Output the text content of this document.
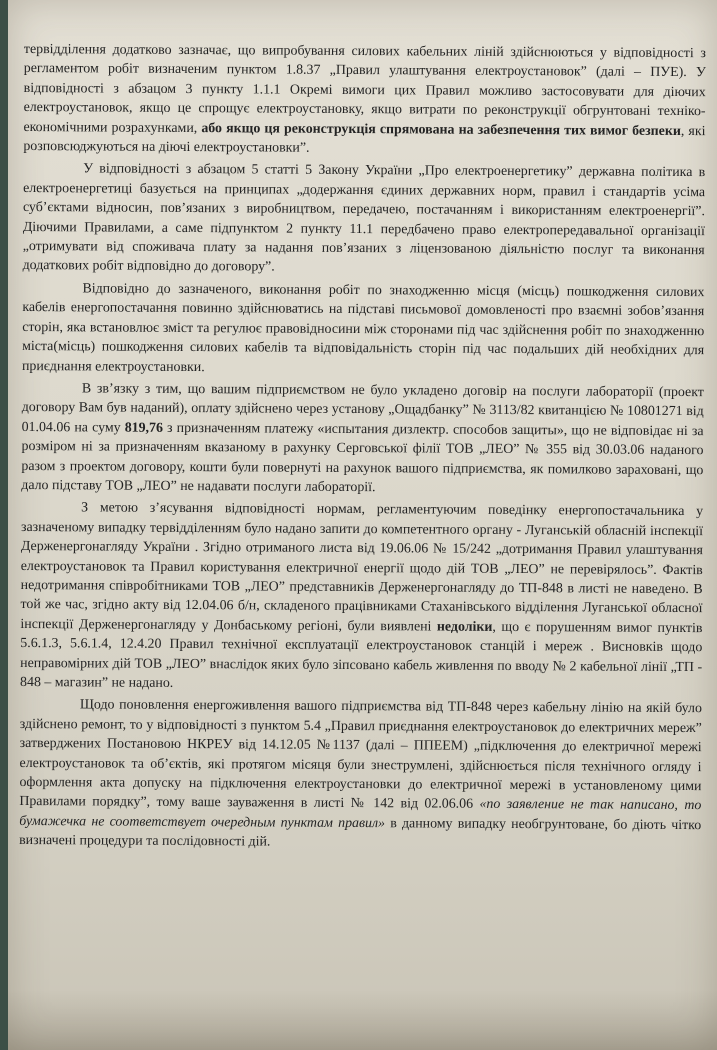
тервідділення додатково зазначає, що випробування силових кабельних ліній здійснюються у відповідності з регламентом робіт визначеним пунктом 1.8.37 „Правил улаштування електроустановок” (далі – ПУЕ). У відповідності з абзацом 3 пункту 1.1.1 Окремі вимоги цих Правил можливо застосовувати для діючих електроустановок, якщо це спрощує електроустановку, якщо витрати по реконструкції обгрунтовані техніко-економічними розрахунками, або якщо ця реконструкція спрямована на забезпечення тих вимог безпеки, які розповсюджуються на діючі електроустановки”.

У відповідності з абзацом 5 статті 5 Закону України „Про електроенергетику” державна політика в електроенергетиці базується на принципах „додержання єдиних державних норм, правил і стандартів усіма суб’єктами відносин, пов’язаних з виробництвом, передачею, постачанням і використанням електроенергії”. Діючими Правилами, а саме підпунктом 2 пункту 11.1 передбачено право електропередавальної організації „отримувати від споживача плату за надання пов’язаних з ліцензованою діяльністю послуг та виконання додаткових робіт відповідно до договору”.

Відповідно до зазначеного, виконання робіт по знаходженню місця (місць) пошкодження силових кабелів енергопостачання повинно здійснюватись на підставі письмової домовленості про взаємні зобов’язання сторін, яка встановлює зміст та регулює правовідносини між сторонами під час здійснення робіт по знаходженню міста(місць) пошкодження силових кабелів та відповідальність сторін під час подальших дій необхідних для приєднання електроустановки.

В зв’язку з тим, що вашим підприємством не було укладено договір на послуги лабораторії (проект договору Вам був наданий), оплату здійснено через установу „Ощадбанку” № 3113/82 квитанцією № 10801271 від 01.04.06 на суму 819,76 з призначенням платежу «испытания дизлектр. способов защиты», що не відповідає ні за розміром ні за призначенням вказаному в рахунку Серговської філії ТОВ „ЛЕО” № 355 від 30.03.06 наданого разом з проектом договору, кошти були повернуті на рахунок вашого підприємства, як помилково зараховані, що дало підставу ТОВ „ЛЕО” не надавати послуги лабораторії.

З метою з’ясування відповідності нормам, регламентуючим поведінку енергопостачальника у зазначеному випадку тервідділенням було надано запити до компетентного органу - Луганській обласній інспекції Держенергонагляду України . Згідно отриманого листа від 19.06.06 № 15/242 „дотримання Правил улаштування електроустановок та Правил користування електричної енергії щодо дій ТОВ „ЛЕО” не перевірялось”. Фактів недотримання співробітниками ТОВ „ЛЕО” представників Держенергонагляду до ТП-848 в листі не наведено. В той же час, згідно акту від 12.04.06 б/н, складеного працівниками Стаханівського відділення Луганської обласної інспекції Держенергонагляду у Донбаському регіоні, були виявлені недоліки, що є порушенням вимог пунктів 5.6.1.3, 5.6.1.4, 12.4.20 Правил технічної експлуатації електроустановок станцій і мереж . Висновків щодо неправомірних дій ТОВ „ЛЕО” внаслідок яких було зіпсовано кабель живлення по вводу № 2 кабельної лінії „ТП - 848 – магазин” не надано.

Щодо поновлення енергоживлення вашого підприємства від ТП-848 через кабельну лінію на якій було здійснено ремонт, то у відповідності з пунктом 5.4 „Правил приєднання електроустановок до електричних мереж” затверджених Постановою НКРЕУ від 14.12.05 №1137 (далі – ППЕЕМ) „підключення до електричної мережі електроустановок та об’єктів, які протягом місяця були знеструмлені, здійснюється після технічного огляду і оформлення акта допуску на підключення електроустановки до електричної мережі в установленому цими Правилами порядку”, тому ваше зауваження в листі № 142 від 02.06.06 «по заявление не так написано, то бумажечка не соответствует очередным пунктам правил» в данному випадку необгрунтоване, бо діють чітко визначені процедури та послідовності дій.
